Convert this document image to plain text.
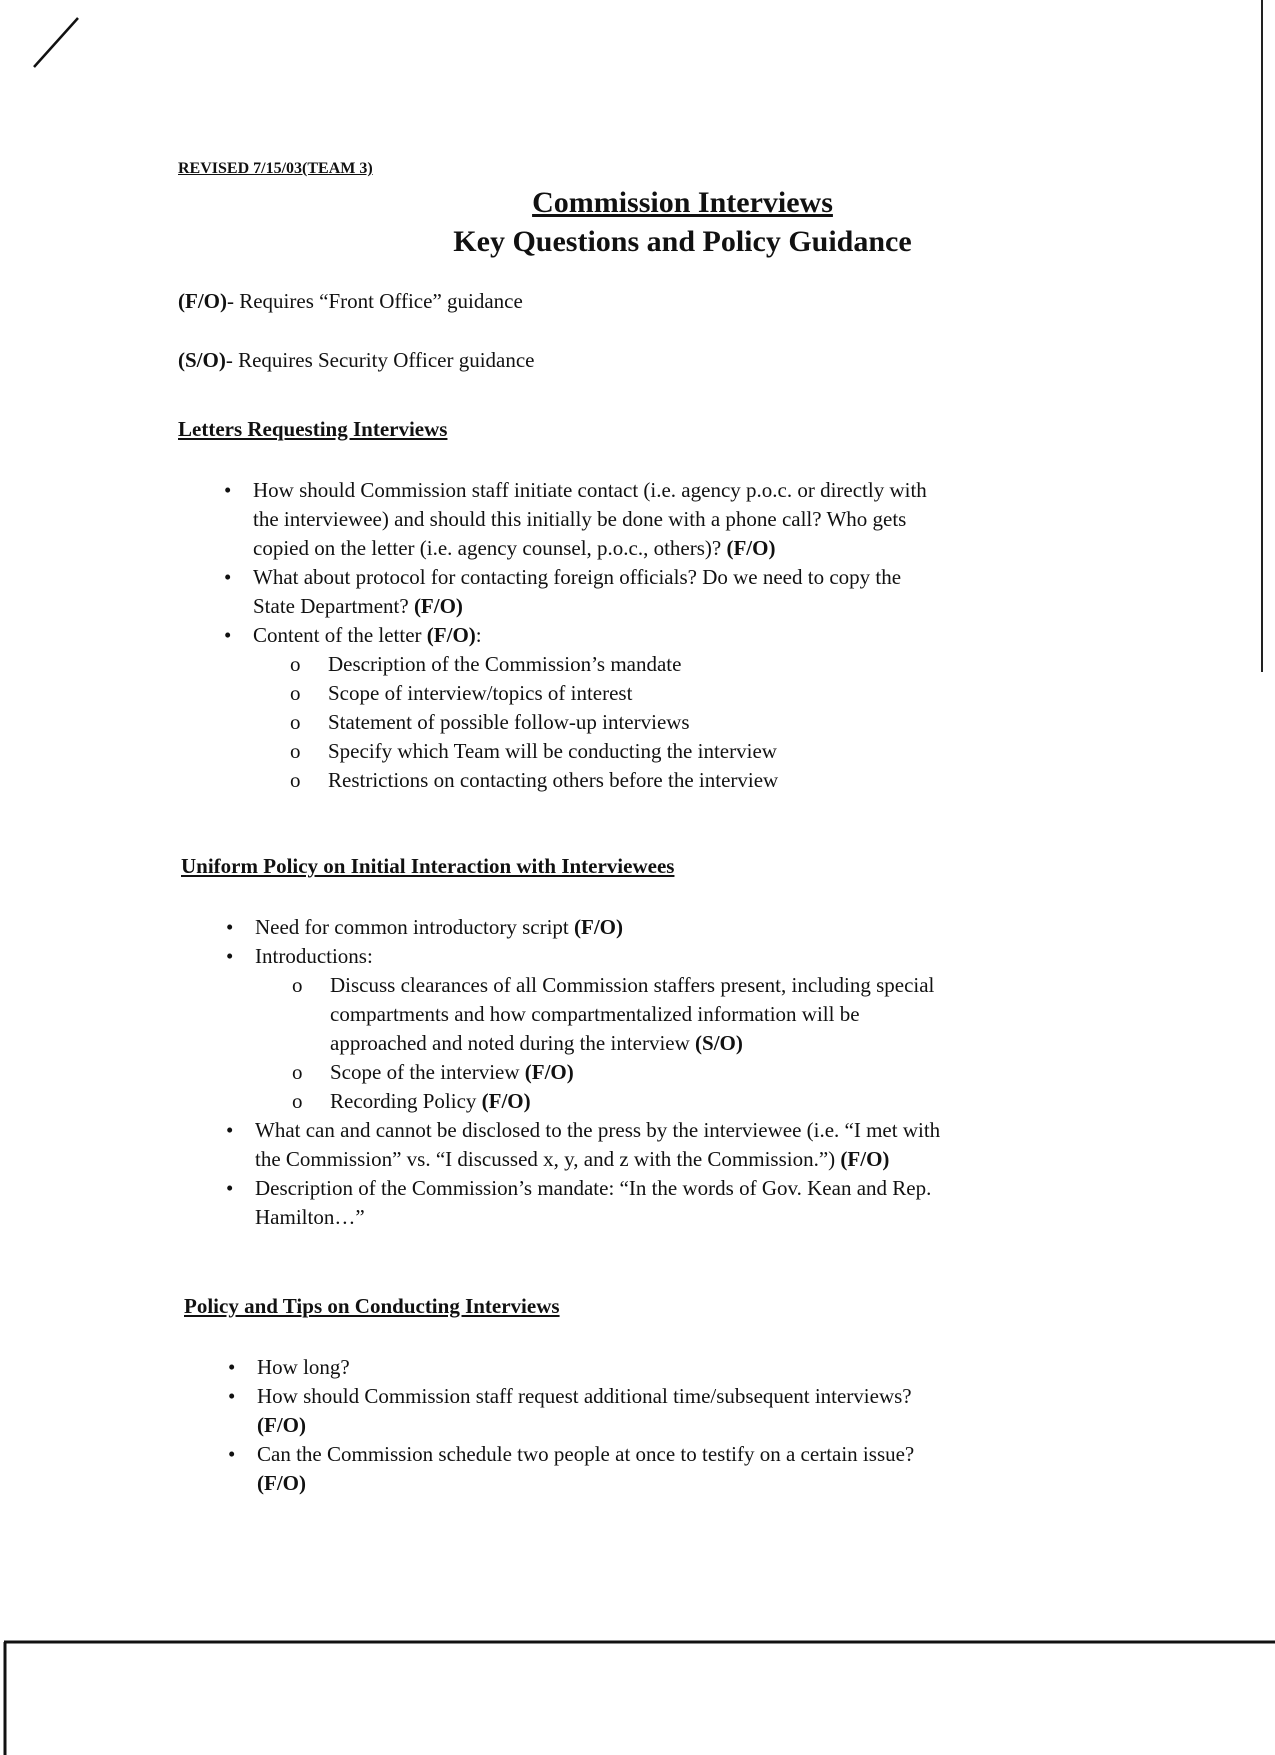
REVISED 7/15/03(TEAM 3)
Commission Interviews
Key Questions and Policy Guidance
(F/O)- Requires “Front Office” guidance
(S/O)- Requires Security Officer guidance
Letters Requesting Interviews
• How should Commission staff initiate contact (i.e. agency p.o.c. or directly with
the interviewee) and should this initially be done with a phone call? Who gets
copied on the letter (i.e. agency counsel, p.o.c., others)? (F/O)
• What about protocol for contacting foreign officials? Do we need to copy the
State Department? (F/O)
• Content of the letter (F/O):
o Description of the Commission’s mandate
o Scope of interview/topics of interest
o Statement of possible follow-up interviews
o Specify which Team will be conducting the interview
o Restrictions on contacting others before the interview
Uniform Policy on Initial Interaction with Interviewees
• Need for common introductory script (F/O)
• Introductions:
o Discuss clearances of all Commission staffers present, including special
compartments and how compartmentalized information will be
approached and noted during the interview (S/O)
o Scope of the interview (F/O)
o Recording Policy (F/O)
• What can and cannot be disclosed to the press by the interviewee (i.e. “I met with
the Commission” vs. “I discussed x, y, and z with the Commission.”) (F/O)
• Description of the Commission’s mandate: “In the words of Gov. Kean and Rep.
Hamilton…”
Policy and Tips on Conducting Interviews
• How long?
• How should Commission staff request additional time/subsequent interviews?
(F/O)
• Can the Commission schedule two people at once to testify on a certain issue?
(F/O)
